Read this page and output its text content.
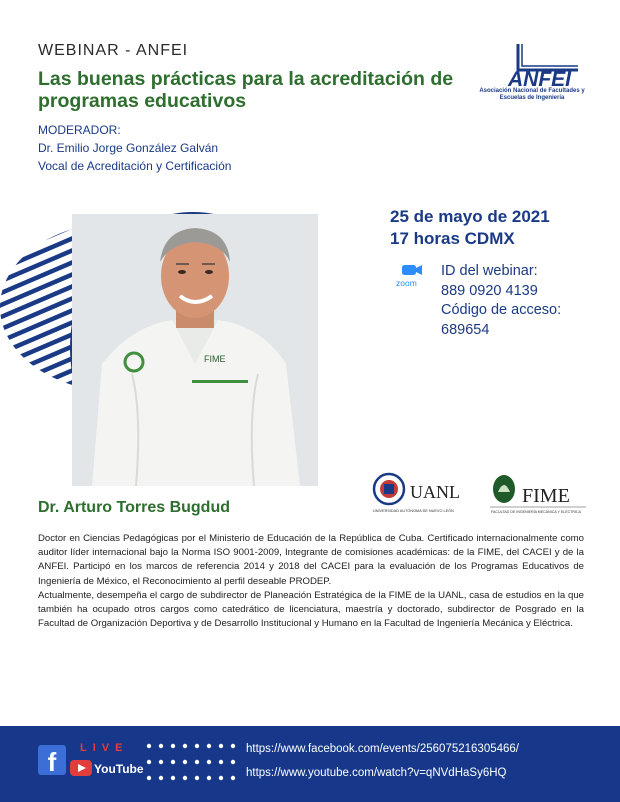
WEBINAR - ANFEI
Las buenas prácticas para la acreditación de programas educativos
MODERADOR:
Dr. Emilio Jorge González Galván
Vocal de Acreditación y Certificación
ANFEI
Asociación Nacional de Facultades y Escuelas de Ingeniería
FIME
25 de mayo de 2021
17 horas CDMX
zoom
ID del webinar:
889 0920 4139
Código de acceso:
689654
Dr. Arturo Torres Bugdud
UANL
UNIVERSIDAD AUTÓNOMA DE NUEVO LEÓN
FIME
FACULTAD DE INGENIERÍA MECÁNICA Y ELÉCTRICA

Doctor en Ciencias Pedagógicas por el Ministerio de Educación de la República de Cuba. Certificado internacionalmente como auditor líder internacional bajo la Norma ISO 9001-2009, Integrante de comisiones académicas: de la FIME, del CACEI y de la ANFEI. Participó en los marcos de referencia 2014 y 2018 del CACEI para la evaluación de los Programas Educativos de Ingeniería de México, el Reconocimiento al perfil deseable PRODEP.

Actualmente, desempeña el cargo de subdirector de Planeación Estratégica de la FIME de la UANL, casa de estudios en la que también ha ocupado otros cargos como catedrático de licenciatura, maestría y doctorado, subdirector de Posgrado en la Facultad de Organización Deportiva y de Desarrollo Institucional y Humano en la Facultad de Ingeniería Mecánica y Eléctrica.

f	LIVE
YouTube
https://www.facebook.com/events/256075216305466/
https://www.youtube.com/watch?v=qNVdHaSy6HQ
